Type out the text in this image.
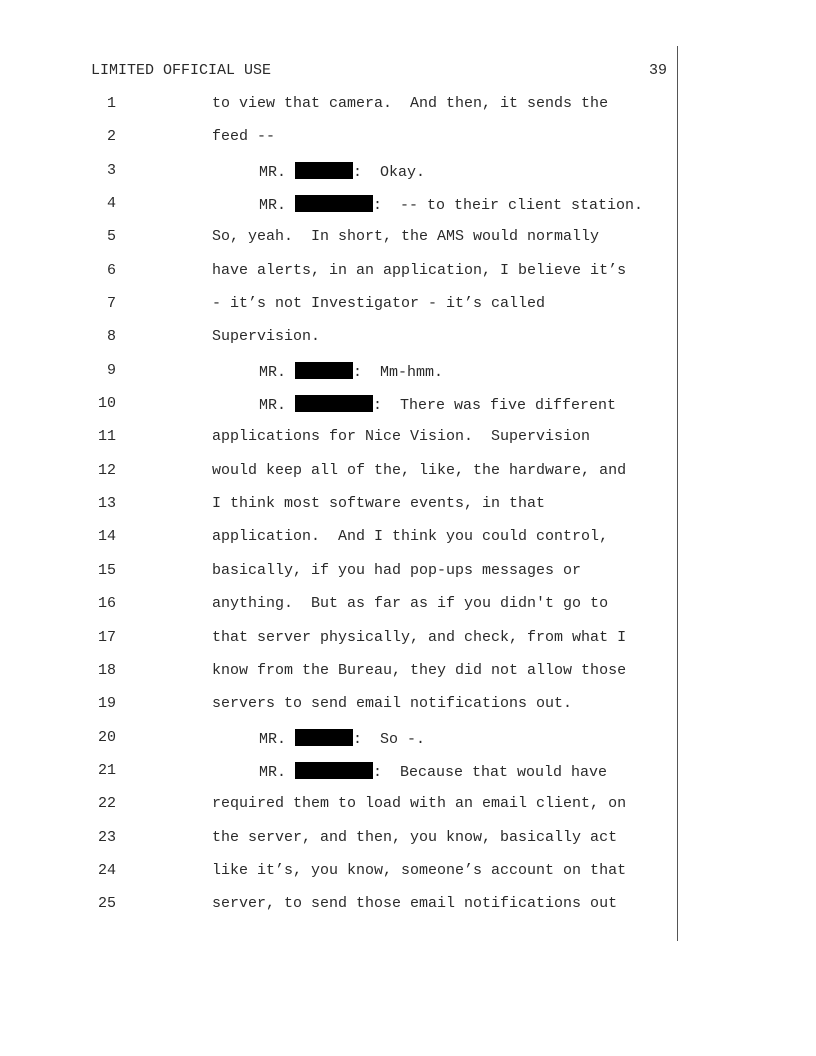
LIMITED OFFICIAL USE	39
1	to view that camera.  And then, it sends the
2	feed --
3	MR.	:  Okay.
4	MR.	:  -- to their client station.
5	So, yeah.  In short, the AMS would normally
6	have alerts, in an application, I believe it’s
7	- it’s not Investigator - it’s called
8	Supervision.
9	MR.	:  Mm-hmm.
10	MR.	:  There was five different
11	applications for Nice Vision.  Supervision
12	would keep all of the, like, the hardware, and
13	I think most software events, in that
14	application.  And I think you could control,
15	basically, if you had pop-ups messages or
16	anything.  But as far as if you didn't go to
17	that server physically, and check, from what I
18	know from the Bureau, they did not allow those
19	servers to send email notifications out.
20	MR.	:  So -.
21	MR.	:  Because that would have
22	required them to load with an email client, on
23	the server, and then, you know, basically act
24	like it’s, you know, someone’s account on that
25	server, to send those email notifications out
